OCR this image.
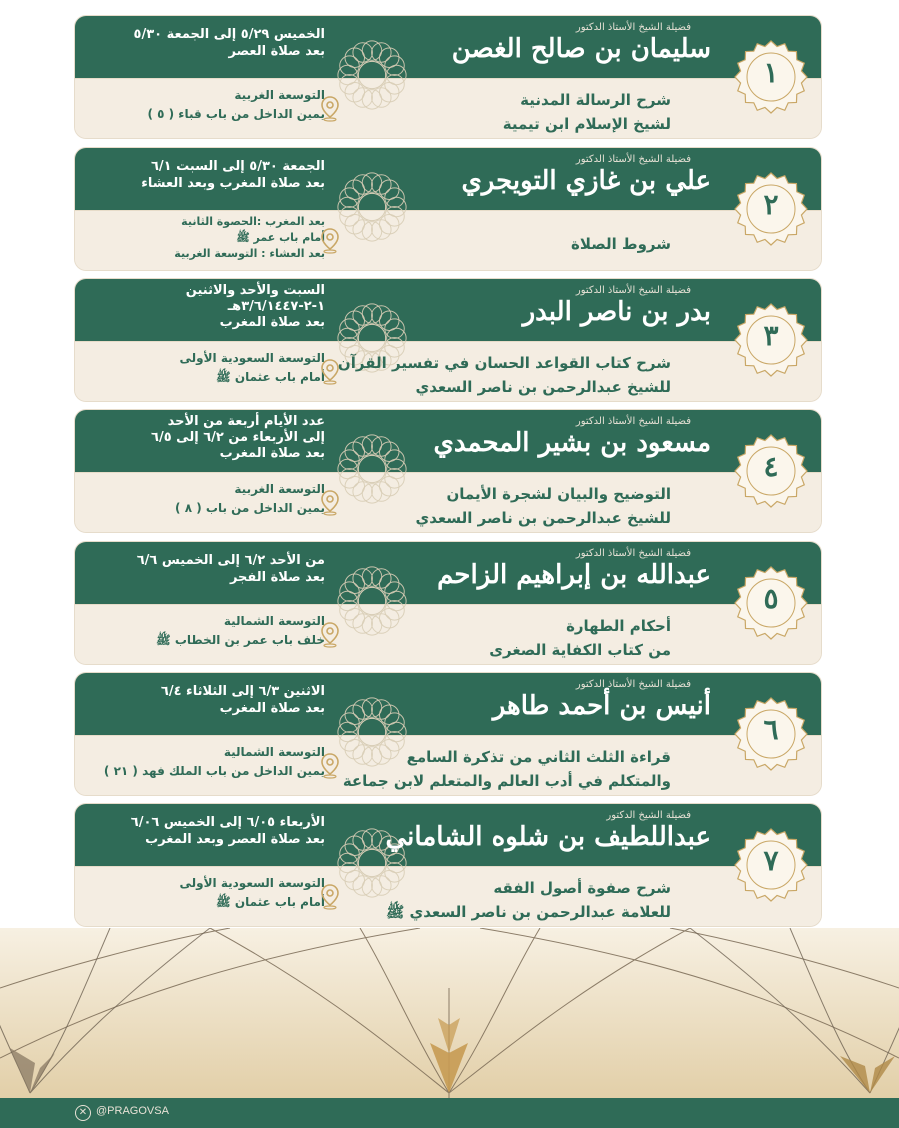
فضيلة الشيخ الأستاذ الدكتور
سليمان بن صالح الغصن
شرح الرسالة المدنية
لشيخ الإسلام ابن تيمية
الخميس ٥/٢٩ إلى الجمعة ٥/٣٠
بعد صلاة العصر
التوسعة الغربية
يمين الداخل من باب قباء ( ٥ )
١
فضيلة الشيخ الأستاذ الدكتور
علي بن غازي التويجري
شروط الصلاة
الجمعة ٥/٣٠ إلى السبت ٦/١
بعد صلاة المغرب وبعد العشاء
بعد المغرب :الحصوة الثانية
أمام باب عمر ﷺ
بعد العشاء : التوسعة الغربية
٢
فضيلة الشيخ الأستاذ الدكتور
بدر بن ناصر البدر
شرح كتاب القواعد الحسان في تفسير القرآن
للشيخ عبدالرحمن بن ناصر السعدي
السبت والأحد والاثنين
١-٢-٣/٦/١٤٤٧هـ
بعد صلاة المغرب
التوسعة السعودية الأولى
أمام باب عثمان ﷺ
٣
فضيلة الشيخ الأستاذ الدكتور
مسعود بن بشير المحمدي
التوضيح والبيان لشجرة الأيمان
للشيخ عبدالرحمن بن ناصر السعدي
عدد الأيام أربعة من الأحد
إلى الأربعاء من ٦/٢ إلى ٦/٥
بعد صلاة المغرب
التوسعة الغربية
يمين الداخل من باب ( ٨ )
٤
فضيلة الشيخ الأستاذ الدكتور
عبدالله بن إبراهيم الزاحم
أحكام الطهارة
من كتاب الكفاية الصغرى
من الأحد ٦/٢ إلى الخميس ٦/٦
بعد صلاة الفجر
التوسعة الشمالية
خلف باب عمر بن الخطاب ﷺ
٥
فضيلة الشيخ الأستاذ الدكتور
أنيس بن أحمد طاهر
قراءة الثلث الثاني من تذكرة السامع
والمتكلم في أدب العالم والمتعلم لابن جماعة
الاثنين ٦/٣ إلى الثلاثاء ٦/٤
بعد صلاة المغرب
التوسعة الشمالية
يمين الداخل من باب الملك فهد ( ٢١ )
٦
فضيلة الشيخ الدكتور
عبداللطيف بن شلوه الشاماني
شرح صفوة أصول الفقه
للعلامة عبدالرحمن بن ناصر السعدي ﷺ
الأربعاء ٦/٠٥ إلى الخميس ٦/٠٦
بعد صلاة العصر وبعد المغرب
التوسعة السعودية الأولى
أمام باب عثمان ﷺ
٧
✕ @PRAGOVSA
